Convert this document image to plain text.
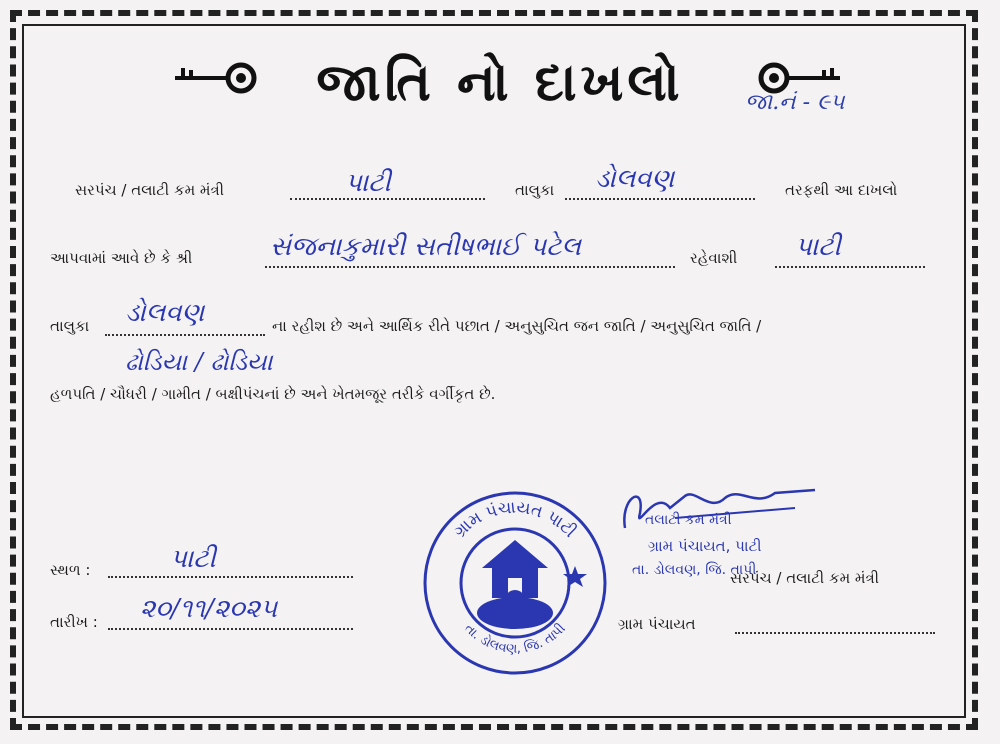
જાતિ નો દાખલો	જા.નં - ૯૫
સરપંચ / તલાટી કમ મંત્રી	પાટી	તાલુકા ડોલવણ	તરફથી આ દાખલો
આપવામાં આવે છે કે શ્રી	સંજનાકુમારી સતીષભાઈ પટેલ	રહેવાશી પાટી
તાલુકા ડોલવણ	ના રહીશ છે અને આર્થિક રીતે પછાત / અનુસુચિત જન જાતિ / અનુસુચિત જાતિ /
ઢોડિયા / ઢોડિયા
હળપતિ / ચૌધરી / ગામીત / બક્ષીપંચનાં છે અને ખેતમજૂર તરીકે વર્ગીકૃત છે.
સ્થળ :	પાટી
તારીખ : ૨૦/૧૧/૨૦૨૫
ગ્રામ પંચાયત પાટી
તા. ડોલવણ, જિ. તાપી
તલાટી કમ મંત્રી
ગ્રામ પંચાયત, પાટી
તા. ડોલવણ, જિ. તાપી
સરપંચ / તલાટી કમ મંત્રી
ગ્રામ પંચાયત
